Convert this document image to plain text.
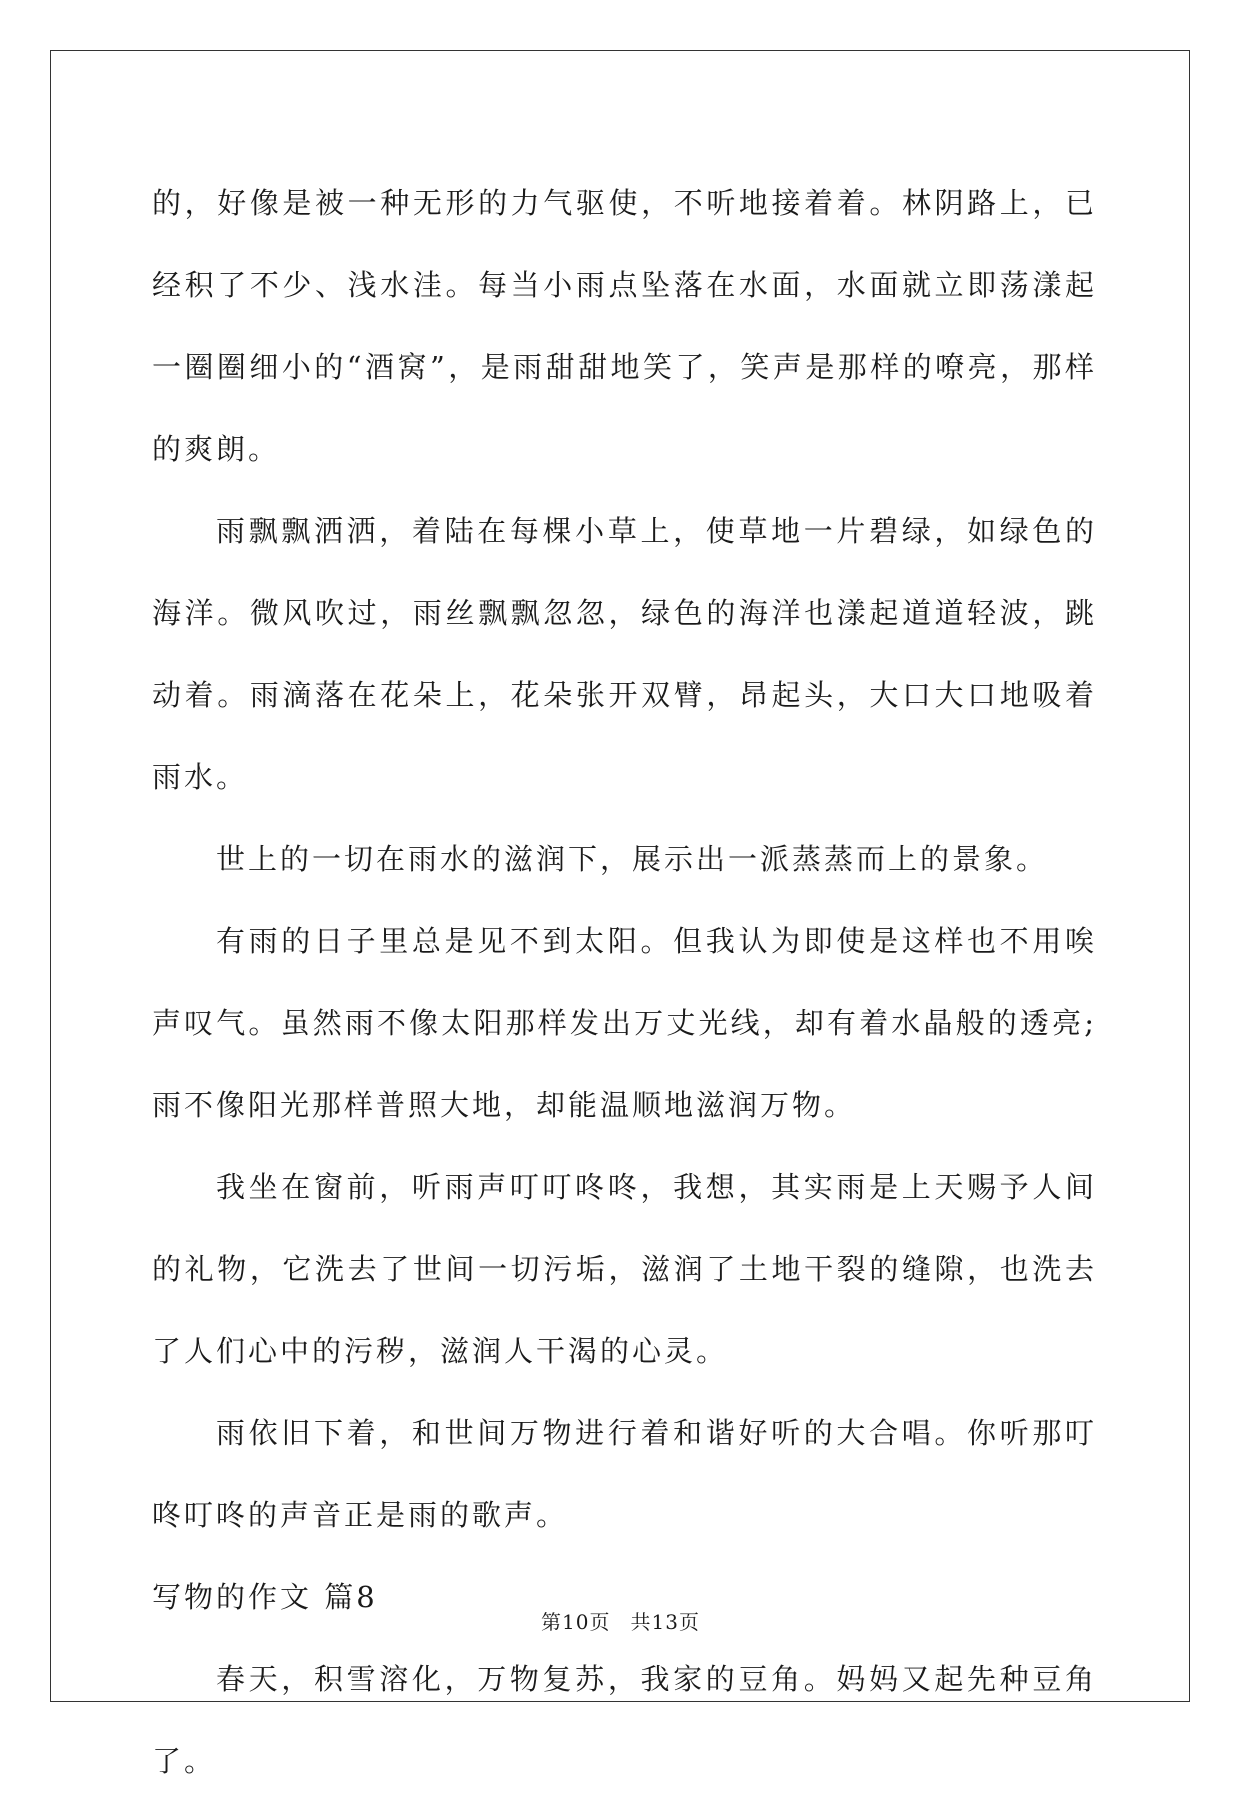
的，好像是被一种无形的力气驱使，不听地接着着。林阴路上，已经积了不少、浅水洼。每当小雨点坠落在水面，水面就立即荡漾起一圈圈细小的“酒窝”，是雨甜甜地笑了，笑声是那样的嘹亮，那样的爽朗。

雨飘飘洒洒，着陆在每棵小草上，使草地一片碧绿，如绿色的海洋。微风吹过，雨丝飘飘忽忽，绿色的海洋也漾起道道轻波，跳动着。雨滴落在花朵上，花朵张开双臂，昂起头，大口大口地吸着雨水。

世上的一切在雨水的滋润下，展示出一派蒸蒸而上的景象。

有雨的日子里总是见不到太阳。但我认为即使是这样也不用唉声叹气。虽然雨不像太阳那样发出万丈光线，却有着水晶般的透亮;雨不像阳光那样普照大地，却能温顺地滋润万物。

我坐在窗前，听雨声叮叮咚咚，我想，其实雨是上天赐予人间的礼物，它洗去了世间一切污垢，滋润了土地干裂的缝隙，也洗去了人们心中的污秽，滋润人干渴的心灵。

雨依旧下着，和世间万物进行着和谐好听的大合唱。你听那叮咚叮咚的声音正是雨的歌声。

写物的作文 篇8

春天，积雪溶化，万物复苏，我家的豆角。妈妈又起先种豆角了。

第10页 共13页
